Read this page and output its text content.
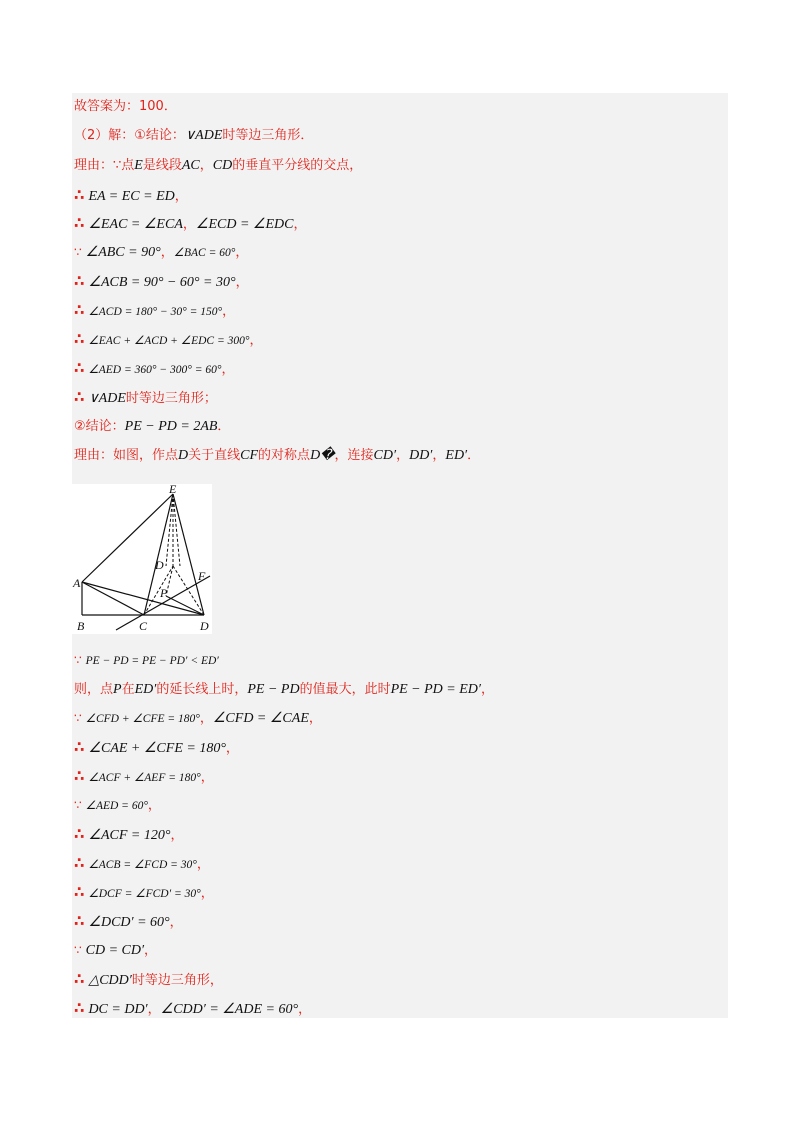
故答案为：100．
（2）解：①结论： ∨ADE 时等边三角形．
理由：∵点 E 是线段 AC ， CD 的垂直平分线的交点，
∴ EA = EC = ED ，
∴ ∠EAC = ∠ECA ， ∠ECD = ∠EDC ，
∵ ∠ABC = 90° ， ∠BAC = 60° ，
∴ ∠ACB = 90° − 60° = 30° ，
∴ ∠ACD = 180° − 30° = 150° ，
∴ ∠EAC + ∠ACD + ∠EDC = 300° ，
∴ ∠AED = 360° − 300° = 60° ，
∴ ∨ADE 时等边三角形；
②结论： PE − PD = 2AB ．
理由：如图，作点 D 关于直线 CF 的对称点 D� ，连接 CD′ ， DD′ ， ED′ ．
∵ PE − PD = PE − PD′ < ED′
则，点 P 在 ED′ 的延长线上时， PE − PD 的值最大，此时 PE − PD = ED′ ，
∵ ∠CFD + ∠CFE = 180° ， ∠CFD = ∠CAE ，
∴ ∠CAE + ∠CFE = 180° ，
∴ ∠ACF + ∠AEF = 180° ，
∵ ∠AED = 60° ，
∴ ∠ACF = 120° ，
∴ ∠ACB = ∠FCD = 30° ，
∴ ∠DCF = ∠FCD′ = 30° ，
∴ ∠DCD′ = 60° ，
∵ CD = CD′ ，
∴ △CDD′ 时等边三角形，
∴ DC = DD′ ， ∠CDD′ = ∠ADE = 60° ，
E
A
B	C	D
D
F
P
